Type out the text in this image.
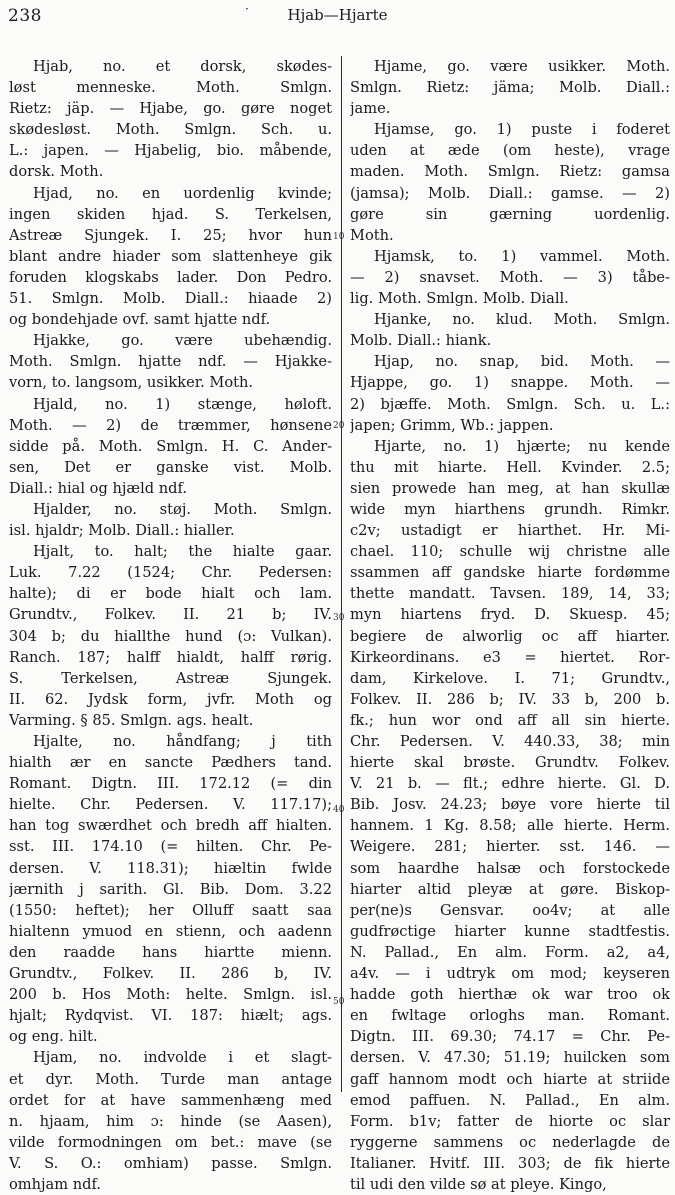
238	·	Hjab—Hjarte
Hjab, no. et dorsk, skødes-
løst menneske. Moth. Smlgn.
Rietz: jäp. — Hjabe, go. gøre noget
skødesløst. Moth. Smlgn. Sch. u.
L.: japen. — Hjabelig, bio. måbende,
dorsk. Moth.
Hjad, no. en uordenlig kvinde;
ingen skiden hjad. S. Terkelsen,
Astreæ Sjungek. I. 25; hvor hun
blant andre hiader som slattenheye gik
foruden klogskabs lader. Don Pedro.
51. Smlgn. Molb. Diall.: hiaade 2)
og bondehjade ovf. samt hjatte ndf.
Hjakke, go. være ubehændig.
Moth. Smlgn. hjatte ndf. — Hjakke-
vorn, to. langsom, usikker. Moth.
Hjald, no. 1) stænge, høloft.
Moth. — 2) de træmmer, hønsene
sidde på. Moth. Smlgn. H. C. Ander-
sen, Det er ganske vist. Molb.
Diall.: hial og hjæld ndf.
Hjalder, no. støj. Moth. Smlgn.
isl. hjaldr; Molb. Diall.: hialler.
Hjalt, to. halt; the hialte gaar.
Luk. 7.22 (1524; Chr. Pedersen:
halte); di er bode hialt och lam.
Grundtv., Folkev. II. 21 b; IV.
304 b; du hiallthe hund (ɔ: Vulkan).
Ranch. 187; halff hialdt, halff rørig.
S. Terkelsen, Astreæ Sjungek.
II. 62. Jydsk form, jvfr. Moth og
Varming. § 85. Smlgn. ags. healt.
Hjalte, no. håndfang; j tith
hialth ær en sancte Pædhers tand.
Romant. Digtn. III. 172.12 (= din
hielte. Chr. Pedersen. V. 117.17);
han tog swærdhet och bredh aff hialten.
sst. III. 174.10 (= hilten. Chr. Pe-
dersen. V. 118.31); hiæltin fwlde
jærnith j sarith. Gl. Bib. Dom. 3.22
(1550: heftet); her Olluff saatt saa
hialtenn ymuod en stienn, och aadenn
den raadde hans hiartte mienn.
Grundtv., Folkev. II. 286 b, IV.
200 b. Hos Moth: helte. Smlgn. isl.
hjalt; Rydqvist. VI. 187: hiælt; ags.
og eng. hilt.
Hjam, no. indvolde i et slagt-
et dyr. Moth. Turde man antage
ordet for at have sammenhæng med
n. hjaam, him ɔ: hinde (se Aasen),
vilde formodningen om bet.: mave (se
V. S. O.: omhiam) passe. Smlgn.
omhjam ndf.
Hjame, go. være usikker. Moth.
Smlgn. Rietz: jäma; Molb. Diall.:
jame.
Hjamse, go. 1) puste i foderet
uden at æde (om heste), vrage
maden. Moth. Smlgn. Rietz: gamsa
(jamsa); Molb. Diall.: gamse. — 2)
gøre sin gærning uordenlig.
Moth.
Hjamsk, to. 1) vammel. Moth.
— 2) snavset. Moth. — 3) tåbe-
lig. Moth. Smlgn. Molb. Diall.
Hjanke, no. klud. Moth. Smlgn.
Molb. Diall.: hiank.
Hjap, no. snap, bid. Moth. —
Hjappe, go. 1) snappe. Moth. —
2) bjæffe. Moth. Smlgn. Sch. u. L.:
japen; Grimm, Wb.: jappen.
Hjarte, no. 1) hjærte; nu kende
thu mit hiarte. Hell. Kvinder. 2.5;
sien prowede han meg, at han skullæ
wide myn hiarthens grundh. Rimkr.
c2v; ustadigt er hiarthet. Hr. Mi-
chael. 110; schulle wij christne alle
ssammen aff gandske hiarte fordømme
thette mandatt. Tavsen. 189, 14, 33;
myn hiartens fryd. D. Skuesp. 45;
begiere de alworlig oc aff hiarter.
Kirkeordinans. e3 = hiertet. Ror-
dam, Kirkelove. I. 71; Grundtv.,
Folkev. II. 286 b; IV. 33 b, 200 b.
fk.; hun wor ond aff all sin hierte.
Chr. Pedersen. V. 440.33, 38; min
hierte skal brøste. Grundtv. Folkev.
V. 21 b. — flt.; edhre hierte. Gl. D.
Bib. Josv. 24.23; bøye vore hierte til
hannem. 1 Kg. 8.58; alle hierte. Herm.
Weigere. 281; hierter. sst. 146. —
som haardhe halsæ och forstockede
hiarter altid pleyæ at gøre. Biskop-
per(ne)s Gensvar. oo4v; at alle
gudfrøctige hiarter kunne stadtfestis.
N. Pallad., En alm. Form. a2, a4,
a4v. — i udtryk om mod; keyseren
hadde goth hierthæ ok war troo ok
en fwltage orloghs man. Romant.
Digtn. III. 69.30; 74.17 = Chr. Pe-
dersen. V. 47.30; 51.19; huilcken som
gaff hannom modt och hiarte at striide
emod paffuen. N. Pallad., En alm.
Form. b1v; fatter de hiorte oc slar
ryggerne sammens oc nederlagde de
Italianer. Hvitf. III. 303; de fik hierte
til udi den vilde sø at pleye. Kingo,
10
20
30
40
50
